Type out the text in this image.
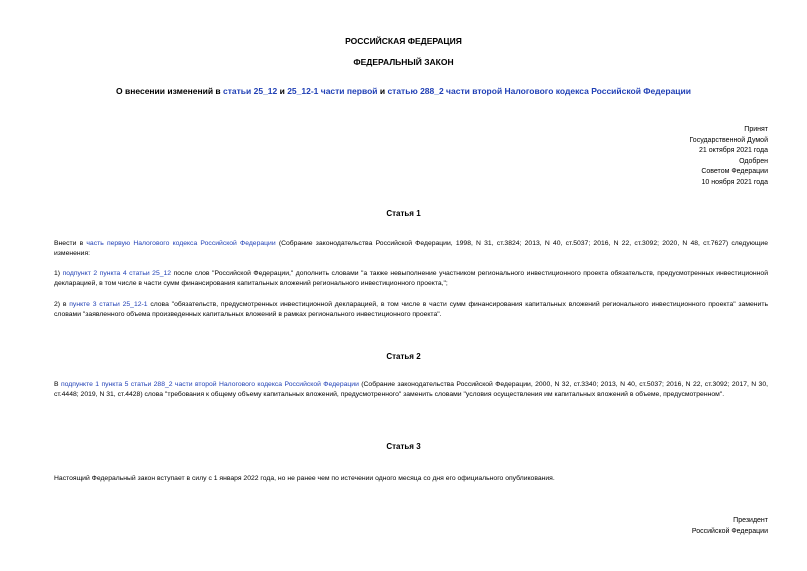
РОССИЙСКАЯ ФЕДЕРАЦИЯ
ФЕДЕРАЛЬНЫЙ ЗАКОН
О внесении изменений в статьи 25_12 и 25_12-1 части первой и статью 288_2 части второй Налогового кодекса Российской Федерации
Принят
Государственной Думой
21 октября 2021 года
Одобрен
Советом Федерации
10 ноября 2021 года
Статья 1
Внести в часть первую Налогового кодекса Российской Федерации (Собрание законодательства Российской Федерации, 1998, N 31, ст.3824; 2013, N 40, ст.5037; 2016, N 22, ст.3092; 2020, N 48, ст.7627) следующие изменения:
1) подпункт 2 пункта 4 статьи 25_12 после слов "Российской Федерации," дополнить словами "а также невыполнение участником регионального инвестиционного проекта обязательств, предусмотренных инвестиционной декларацией, в том числе в части сумм финансирования капитальных вложений регионального инвестиционного проекта,";
2) в пункте 3 статьи 25_12-1 слова "обязательств, предусмотренных инвестиционной декларацией, в том числе в части сумм финансирования капитальных вложений регионального инвестиционного проекта" заменить словами "заявленного объема произведенных капитальных вложений в рамках регионального инвестиционного проекта".
Статья 2
В подпункте 1 пункта 5 статьи 288_2 части второй Налогового кодекса Российской Федерации (Собрание законодательства Российской Федерации, 2000, N 32, ст.3340; 2013, N 40, ст.5037; 2016, N 22, ст.3092; 2017, N 30, ст.4448; 2019, N 31, ст.4428) слова "требования к общему объему капитальных вложений, предусмотренного" заменить словами "условия осуществления им капитальных вложений в объеме, предусмотренном".
Статья 3
Настоящий Федеральный закон вступает в силу с 1 января 2022 года, но не ранее чем по истечении одного месяца со дня его официального опубликования.
Президент
Российской Федерации
